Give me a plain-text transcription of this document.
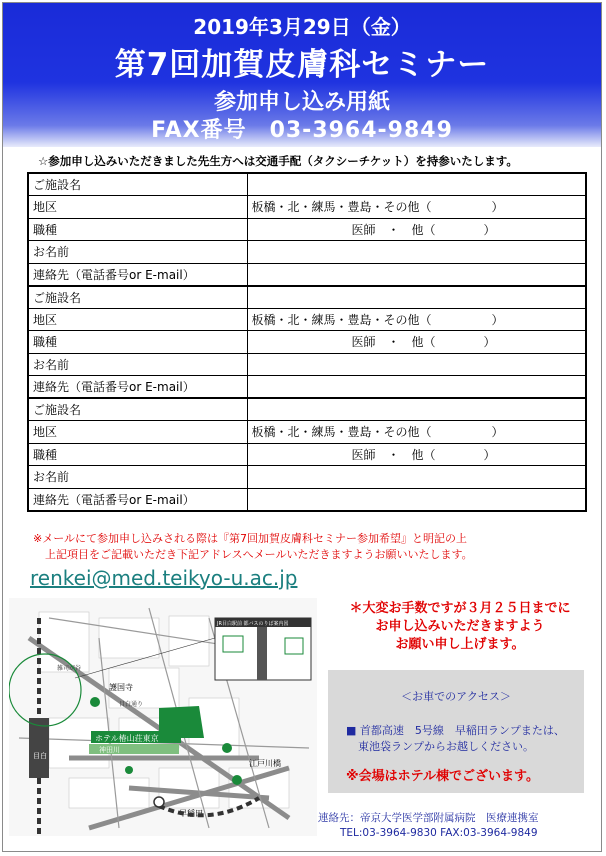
2019年3月29日（金）
第7回加賀皮膚科セミナー
参加申し込み用紙
FAX番号　03-3964-9849
☆参加申し込みいただきました先生方へは交通手配（タクシーチケット）を持参いたします。
ご施設名	
地区	板橋・北・練馬・豊島・その他（　　　　　）
職種	医師　・　他（　　　　）
お名前	
連絡先（電話番号or E-mail）	
ご施設名	
地区	板橋・北・練馬・豊島・その他（　　　　　）
職種	医師　・　他（　　　　）
お名前	
連絡先（電話番号or E-mail）	
ご施設名	
地区	板橋・北・練馬・豊島・その他（　　　　　）
職種	医師　・　他（　　　　）
お名前	
連絡先（電話番号or E-mail）	
※メールにて参加申し込みされる際は『第7回加賀皮膚科セミナー参加希望』と明記の上
上記項目をご記載いただき下記アドレスへメールいただきますようお願いいたします。
renkei@med.teikyo-u.ac.jp
目白
神田川
ホテル椿山荘東京
護国寺
江戸川橋
早稲田
目白通り
雑司が谷
JR目白駅前 都バスのりば案内図
＊大変お手数ですが３月２５日までに
お申し込みいただきますよう
お願い申し上げます。
＜お車でのアクセス＞
■ 首都高速　5号線　早稲田ランプまたは、
東池袋ランプからお越しください。
※会場はホテル棟でございます。
連絡先：帝京大学医学部附属病院　医療連携室
TEL:03-3964-9830 FAX:03-3964-9849
